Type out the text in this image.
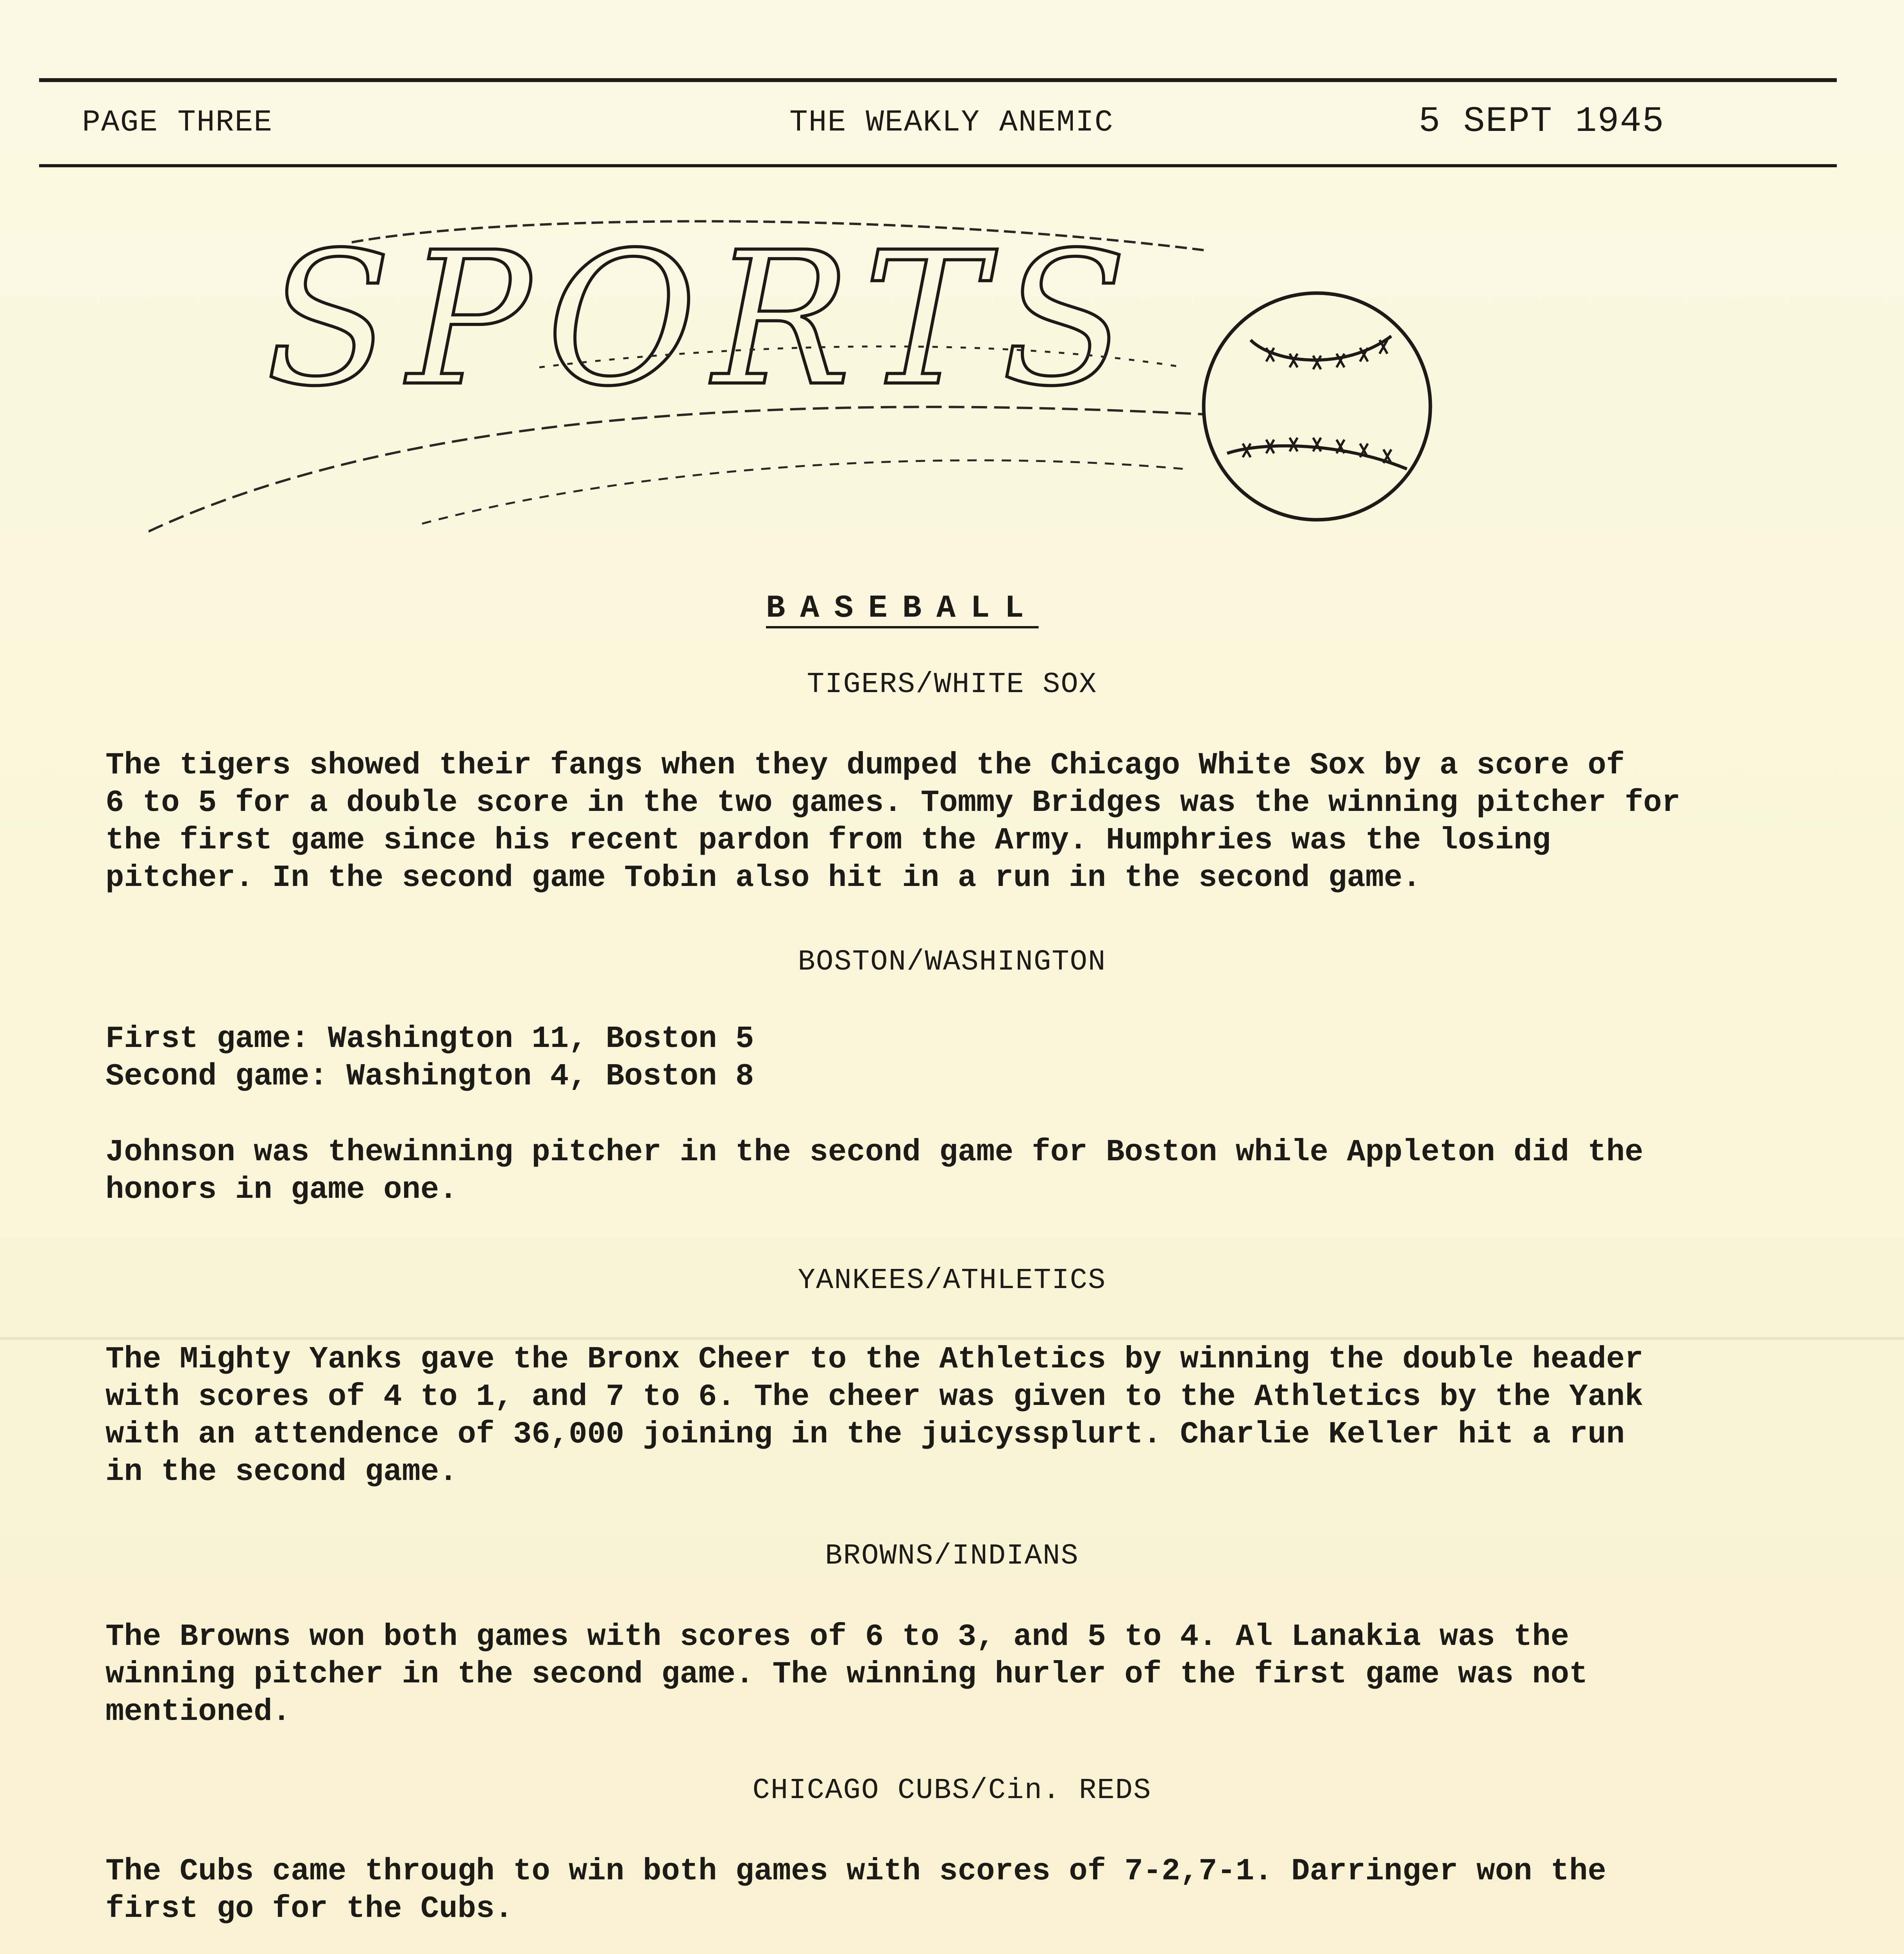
PAGE THREE	THE WEAKLY ANEMIC	5 SEPT 1945
SPORTS
BASEBALL
TIGERS/WHITE SOX
The tigers showed their fangs when they dumped the Chicago White Sox by a score of
6 to 5 for a double score in the two games. Tommy Bridges was the winning pitcher for
the first game since his recent pardon from the Army. Humphries was the losing
pitcher. In the second game Tobin also hit in a run in the second game.
BOSTON/WASHINGTON
First game: Washington 11, Boston 5
Second game: Washington 4, Boston 8
Johnson was thewinning pitcher in the second game for Boston while Appleton did the
honors in game one.
YANKEES/ATHLETICS
The Mighty Yanks gave the Bronx Cheer to the Athletics by winning the double header
with scores of 4 to 1, and 7 to 6. The cheer was given to the Athletics by the Yank
with an attendence of 36,000 joining in the juicyssplurt. Charlie Keller hit a run
in the second game.
BROWNS/INDIANS
The Browns won both games with scores of 6 to 3, and 5 to 4. Al Lanakia was the
winning pitcher in the second game. The winning hurler of the first game was not
mentioned.
CHICAGO CUBS/Cin. REDS
The Cubs came through to win both games with scores of 7-2,7-1. Darringer won the
first go for the Cubs.
